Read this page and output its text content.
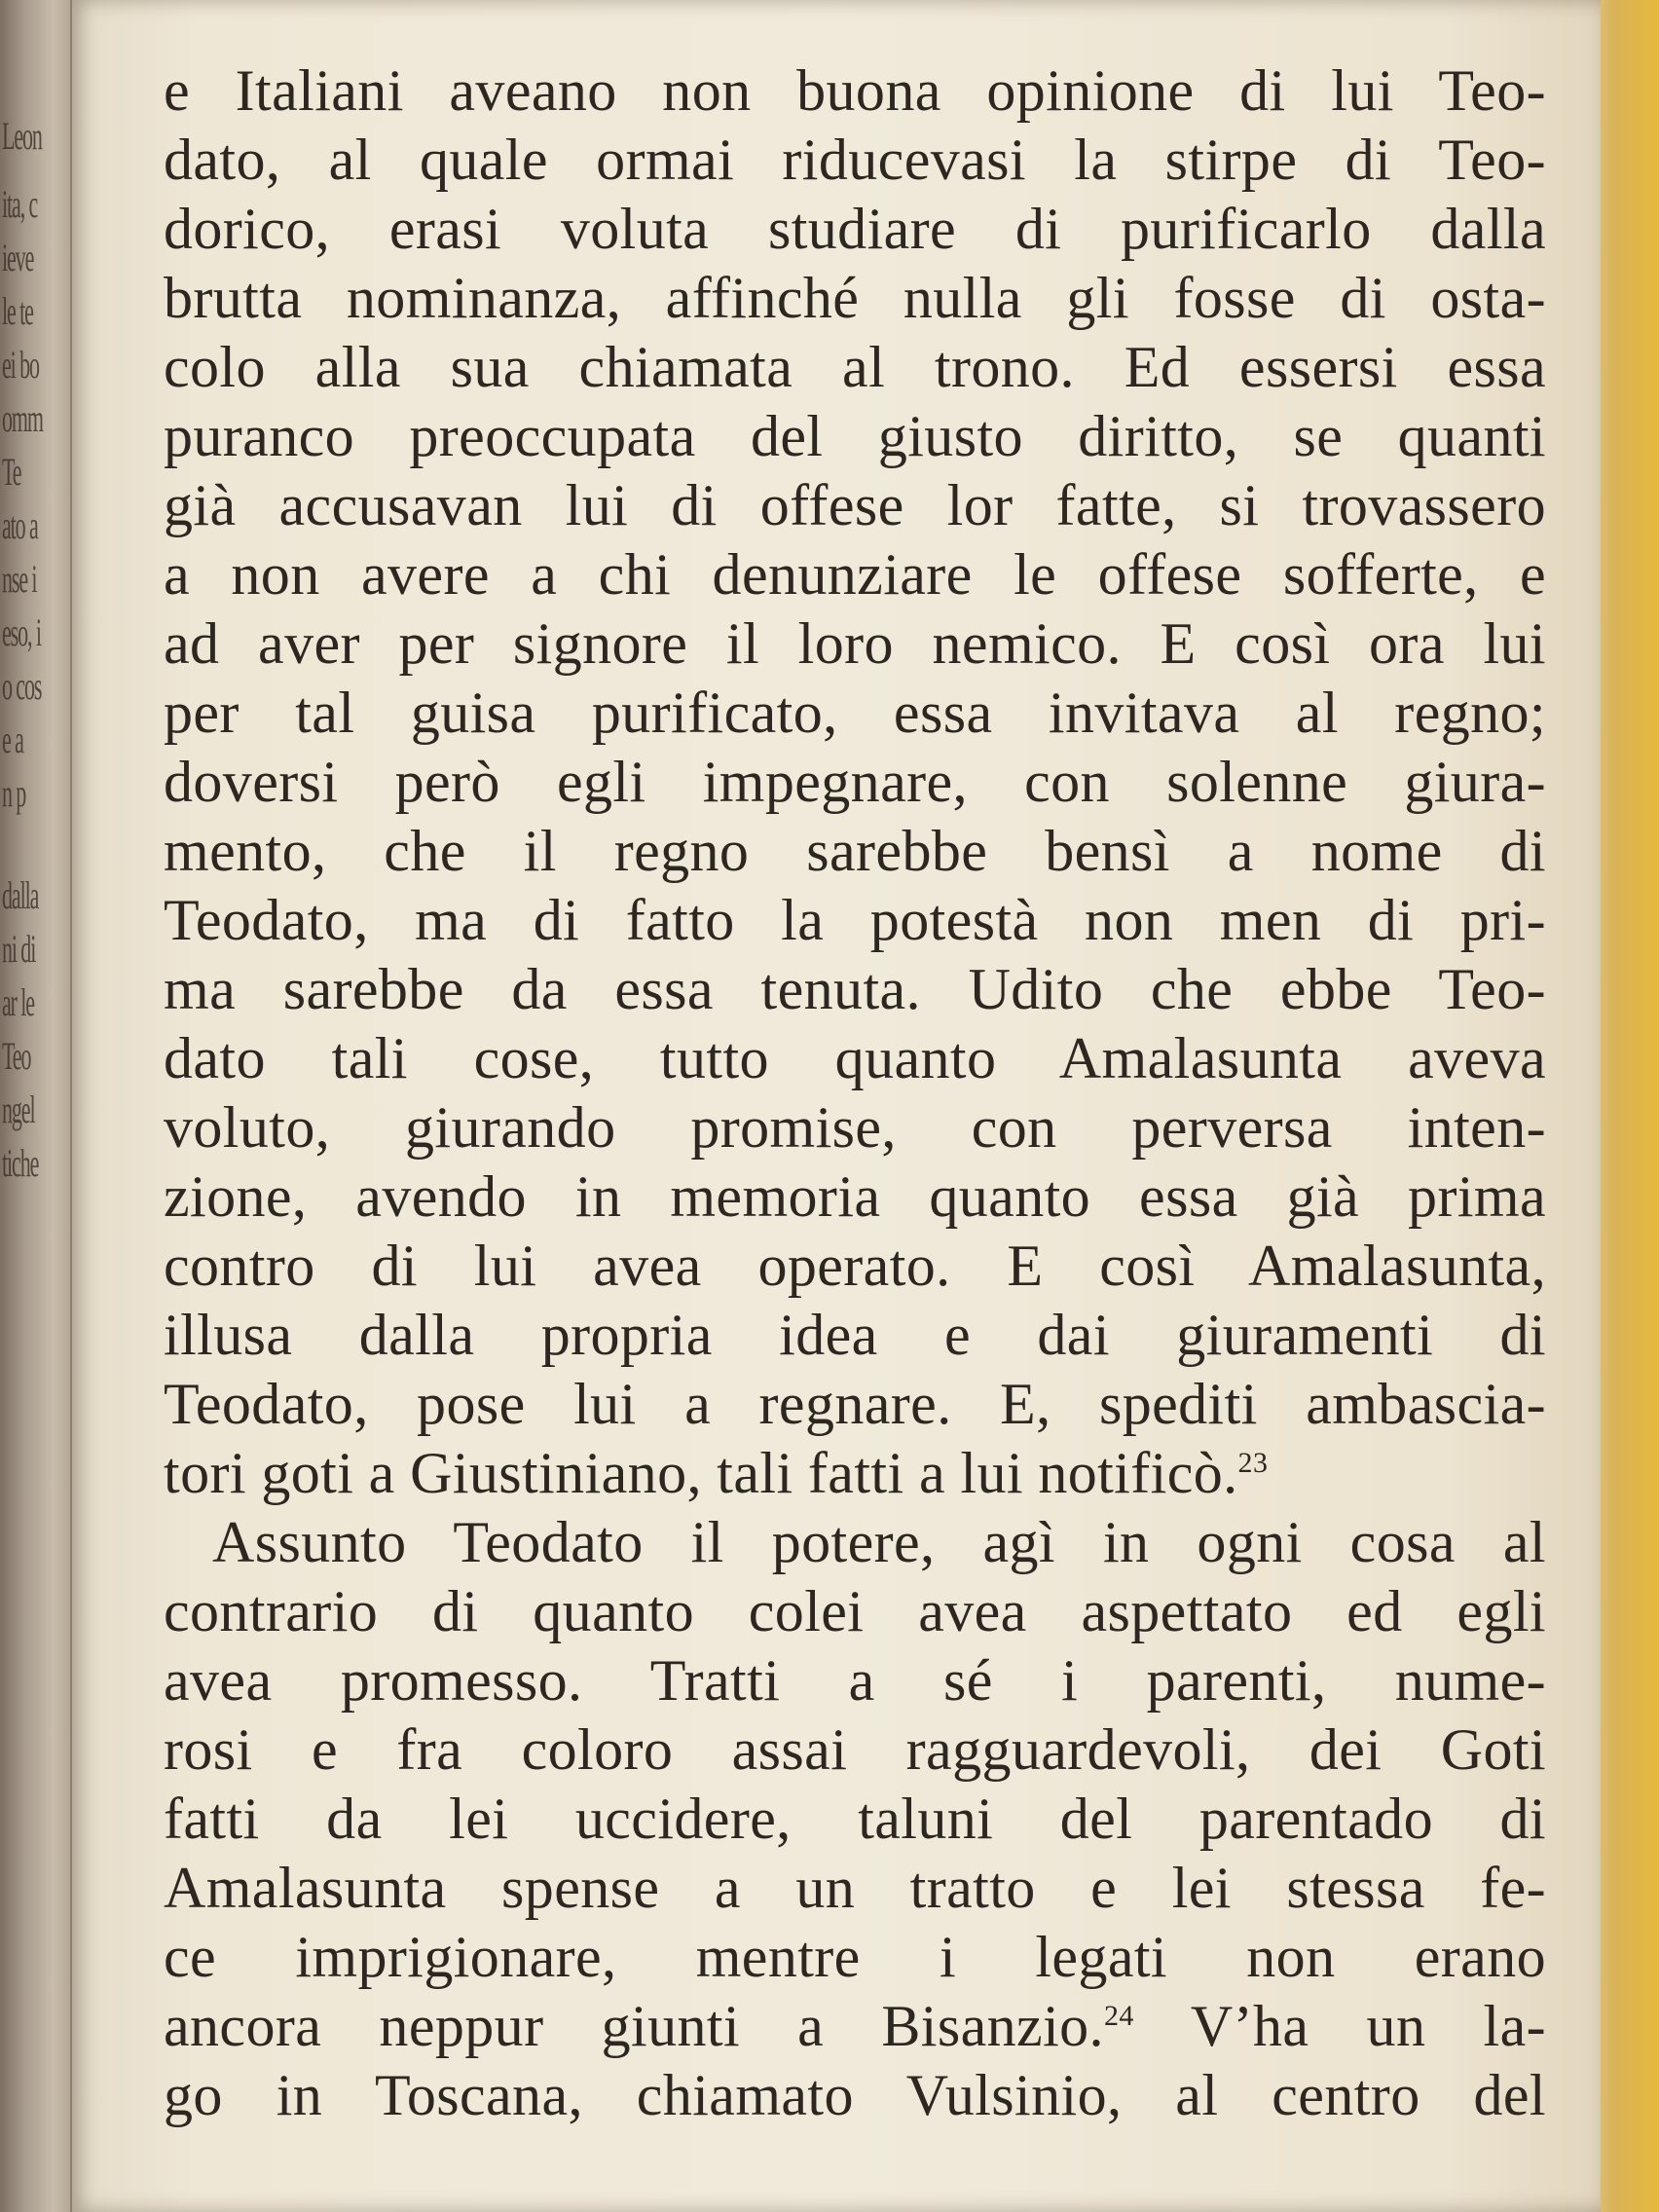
Leon
ita, c
ieve
le te
ei bo
omm
Te
ato a
nse i
eso, i
o cos
e a
n p
dalla
ni di
ar le
Teo
ngel
tiche
e Italiani aveano non buona opinione di lui Teo-
dato, al quale ormai riducevasi la stirpe di Teo-
dorico, erasi voluta studiare di purificarlo dalla
brutta nominanza, affinché nulla gli fosse di osta-
colo alla sua chiamata al trono. Ed essersi essa
puranco preoccupata del giusto diritto, se quanti
già accusavan lui di offese lor fatte, si trovassero
a non avere a chi denunziare le offese sofferte, e
ad aver per signore il loro nemico. E così ora lui
per tal guisa purificato, essa invitava al regno;
doversi però egli impegnare, con solenne giura-
mento, che il regno sarebbe bensì a nome di
Teodato, ma di fatto la potestà non men di pri-
ma sarebbe da essa tenuta. Udito che ebbe Teo-
dato tali cose, tutto quanto Amalasunta aveva
voluto, giurando promise, con perversa inten-
zione, avendo in memoria quanto essa già prima
contro di lui avea operato. E così Amalasunta,
illusa dalla propria idea e dai giuramenti di
Teodato, pose lui a regnare. E, spediti ambascia-
tori goti a Giustiniano, tali fatti a lui notificò.$^{23}$
Assunto Teodato il potere, agì in ogni cosa al
contrario di quanto colei avea aspettato ed egli
avea promesso. Tratti a sé i parenti, nume-
rosi e fra coloro assai ragguardevoli, dei Goti
fatti da lei uccidere, taluni del parentado di
Amalasunta spense a un tratto e lei stessa fe-
ce imprigionare, mentre i legati non erano
ancora neppur giunti a Bisanzio.$^{24}$ V’ha un la-
go in Toscana, chiamato Vulsinio, al centro del
